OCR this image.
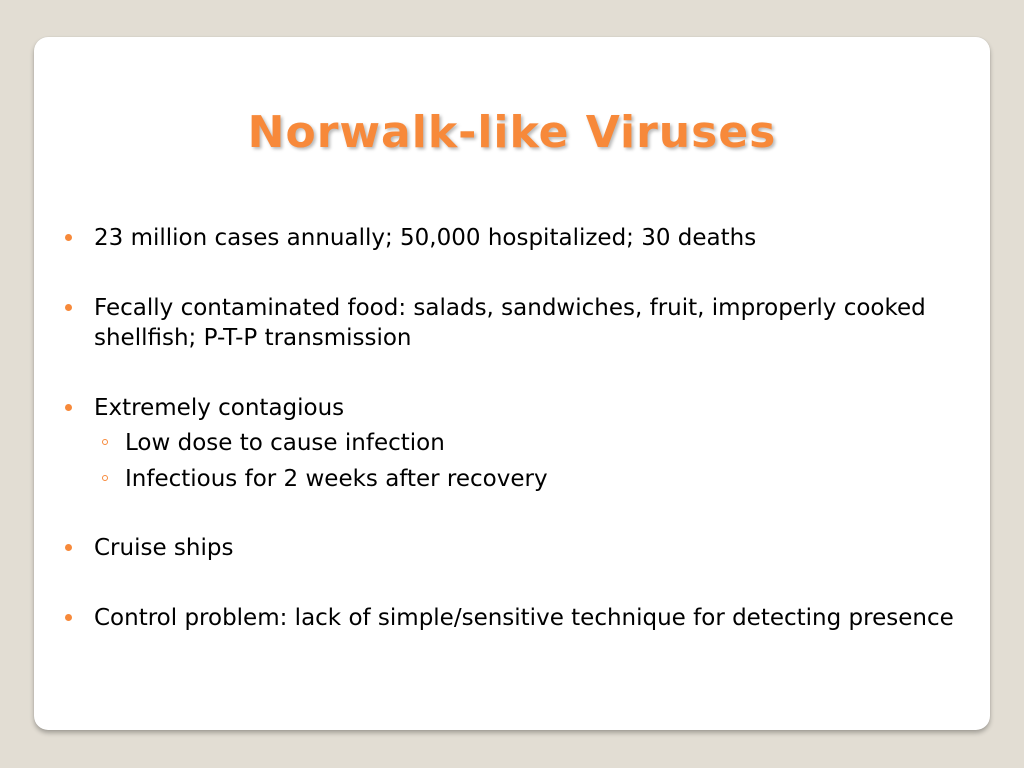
Norwalk-like Viruses
23 million cases annually; 50,000 hospitalized; 30 deaths
Fecally contaminated food: salads, sandwiches, fruit, improperly cooked shellfish; P-T-P transmission
Extremely contagious
Low dose to cause infection
Infectious for 2 weeks after recovery
Cruise ships
Control problem: lack of simple/sensitive technique for detecting presence
